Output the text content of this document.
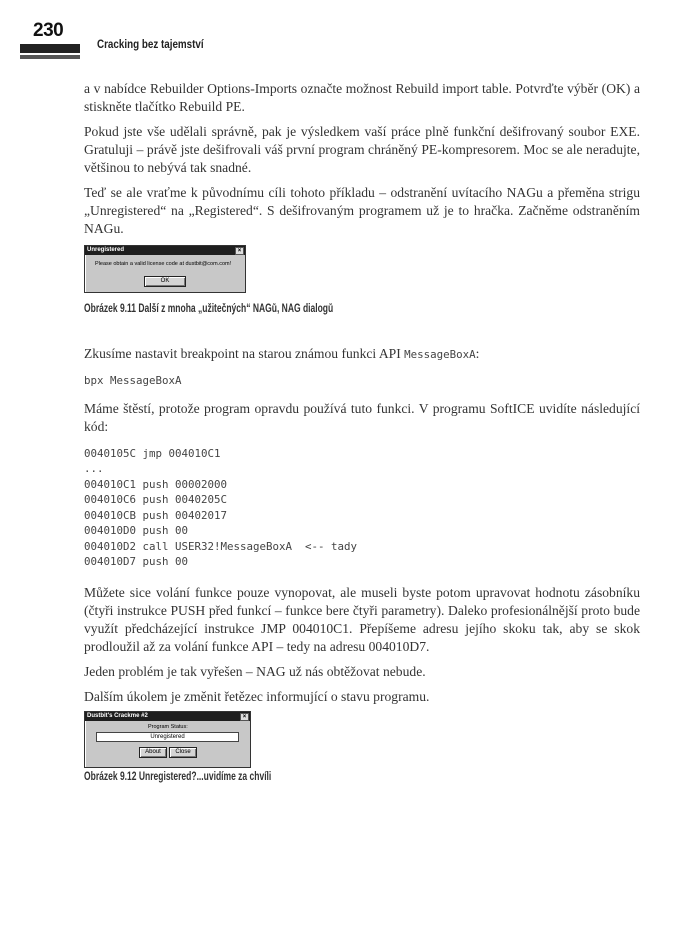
230
Cracking bez tajemství

a v nabídce Rebuilder Options-Imports označte možnost Rebuild import table. Potvrďte výběr (OK) a stiskněte tlačítko Rebuild PE.

Pokud jste vše udělali správně, pak je výsledkem vaší práce plně funkční dešifrovaný soubor EXE. Gratuluji – právě jste dešifrovali váš první program chráněný PE-kompresorem. Moc se ale neradujte, většinou to nebývá tak snadné.

Teď se ale vraťme k původnímu cíli tohoto příkladu – odstranění uvítacího NAGu a přeměna strigu „Unregistered“ na „Registered“. S dešifrovaným programem už je to hračka. Začněme odstraněním NAGu.

Unregistered	×
Please obtain a valid license code at dustbit@com.com!
OK
Obrázek 9.11 Další z mnoha „užitečných“ NAGů, NAG dialogů

Zkusíme nastavit breakpoint na starou známou funkci API MessageBoxA:

bpx MessageBoxA

Máme štěstí, protože program opravdu používá tuto funkci. V programu SoftICE uvidíte následující kód:

0040105C jmp 004010C1
...
004010C1 push 00002000
004010C6 push 0040205C
004010CB push 00402017
004010D0 push 00
004010D2 call USER32!MessageBoxA  <-- tady
004010D7 push 00

Můžete sice volání funkce pouze vynopovat, ale museli byste potom upravovat hodnotu zásobníku (čtyři instrukce PUSH před funkcí – funkce bere čtyři parametry). Daleko profesionálnější proto bude využít předcházející instrukce JMP 004010C1. Přepíšeme adresu jejího skoku tak, aby se skok prodloužil až za volání funkce API – tedy na adresu 004010D7.

Jeden problém je tak vyřešen – NAG už nás obtěžovat nebude.

Dalším úkolem je změnit řetězec informující o stavu programu.

Dustbit's Crackme #2	×
Program Status:
Unregistered
About	Close
Obrázek 9.12 Unregistered?...uvidíme za chvíli
